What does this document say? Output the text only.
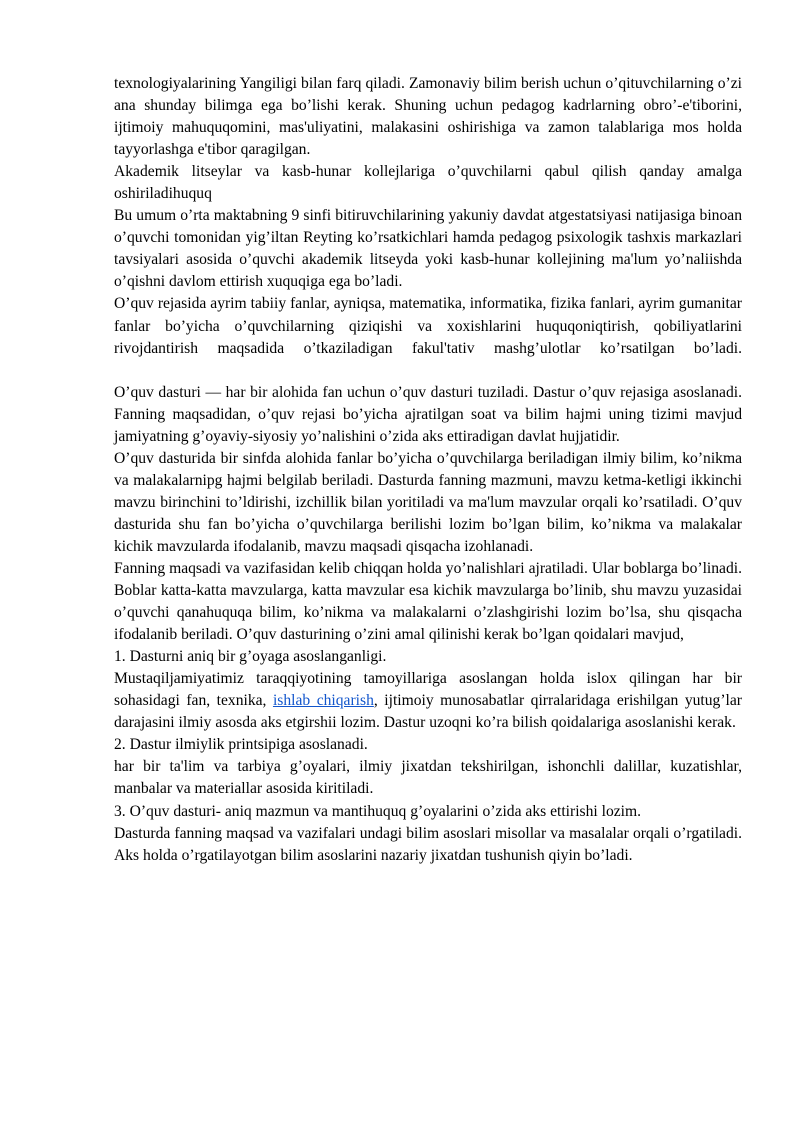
texnologiyalarining Yangiligi bilan farq qiladi. Zamonaviy bilim berish uchun o’qituvchilarning o’zi ana shunday bilimga ega bo’lishi kerak. Shuning uchun pedagog kadrlarning obro’-e'tiborini, ijtimoiy mahuquqomini, mas'uliyatini, malakasini oshirishiga va zamon talablariga mos holda tayyorlashga e'tibor qaragilgan.

Akademik litseylar va kasb-hunar kollejlariga o’quvchilarni qabul qilish qanday amalga oshiriladihuquq

Bu umum o’rta maktabning 9 sinfi bitiruvchilarining yakuniy davdat atgestatsiyasi natijasiga binoan o’quvchi tomonidan yig’iltan Reyting ko’rsatkichlari hamda pedagog psixologik tashxis markazlari tavsiyalari asosida o’quvchi akademik litseyda yoki kasb-hunar kollejining ma'lum yo’naliishda o’qishni davlom ettirish xuquqiga ega bo’ladi.

O’quv rejasida ayrim tabiiy fanlar, ayniqsa, matematika, informatika, fizika fanlari, ayrim gumanitar fanlar bo’yicha o’quvchilarning qiziqishi va xoxishlarini huquqoniqtirish, qobiliyatlarini rivojdantirish maqsadida o’tkaziladigan fakul'tativ mashg’ulotlar ko’rsatilgan bo’ladi.

O’quv dasturi — har bir alohida fan uchun o’quv dasturi tuziladi. Dastur o’quv rejasiga asoslanadi. Fanning maqsadidan, o’quv rejasi bo’yicha ajratilgan soat va bilim hajmi uning tizimi mavjud jamiyatning g’oyaviy-siyosiy yo’nalishini o’zida aks ettiradigan davlat hujjatidir.

O’quv dasturida bir sinfda alohida fanlar bo’yicha o’quvchilarga beriladigan ilmiy bilim, ko’nikma va malakalarnipg hajmi belgilab beriladi. Dasturda fanning mazmuni, mavzu ketma-ketligi ikkinchi mavzu birinchini to’ldirishi, izchillik bilan yoritiladi va ma'lum mavzular orqali ko’rsatiladi. O’quv dasturida shu fan bo’yicha o’quvchilarga berilishi lozim bo’lgan bilim, ko’nikma va malakalar kichik mavzularda ifodalanib, mavzu maqsadi qisqacha izohlanadi.

Fanning maqsadi va vazifasidan kelib chiqqan holda yo’nalishlari ajratiladi. Ular boblarga bo’linadi. Boblar katta-katta mavzularga, katta mavzular esa kichik mavzularga bo’linib, shu mavzu yuzasidai o’quvchi qanahuquqa bilim, ko’nikma va malakalarni o’zlashgirishi lozim bo’lsa, shu qisqacha ifodalanib beriladi. O’quv dasturining o’zini amal qilinishi kerak bo’lgan qoidalari mavjud,

1. Dasturni aniq bir g’oyaga asoslanganligi.

Mustaqiljamiyatimiz taraqqiyotining tamoyillariga asoslangan holda islox qilingan har bir sohasidagi fan, texnika, ishlab chiqarish, ijtimoiy munosabatlar qirralaridaga erishilgan yutug’lar darajasini ilmiy asosda aks etgirshii lozim. Dastur uzoqni ko’ra bilish qoidalariga asoslanishi kerak.

2. Dastur ilmiylik printsipiga asoslanadi.

har bir ta'lim va tarbiya g’oyalari, ilmiy jixatdan tekshirilgan, ishonchli dalillar, kuzatishlar, manbalar va materiallar asosida kiritiladi.

3. O’quv dasturi- aniq mazmun va mantihuquq g’oyalarini o’zida aks ettirishi lozim.

Dasturda fanning maqsad va vazifalari undagi bilim asoslari misollar va masalalar orqali o’rgatiladi. Aks holda o’rgatilayotgan bilim asoslarini nazariy jixatdan tushunish qiyin bo’ladi.
